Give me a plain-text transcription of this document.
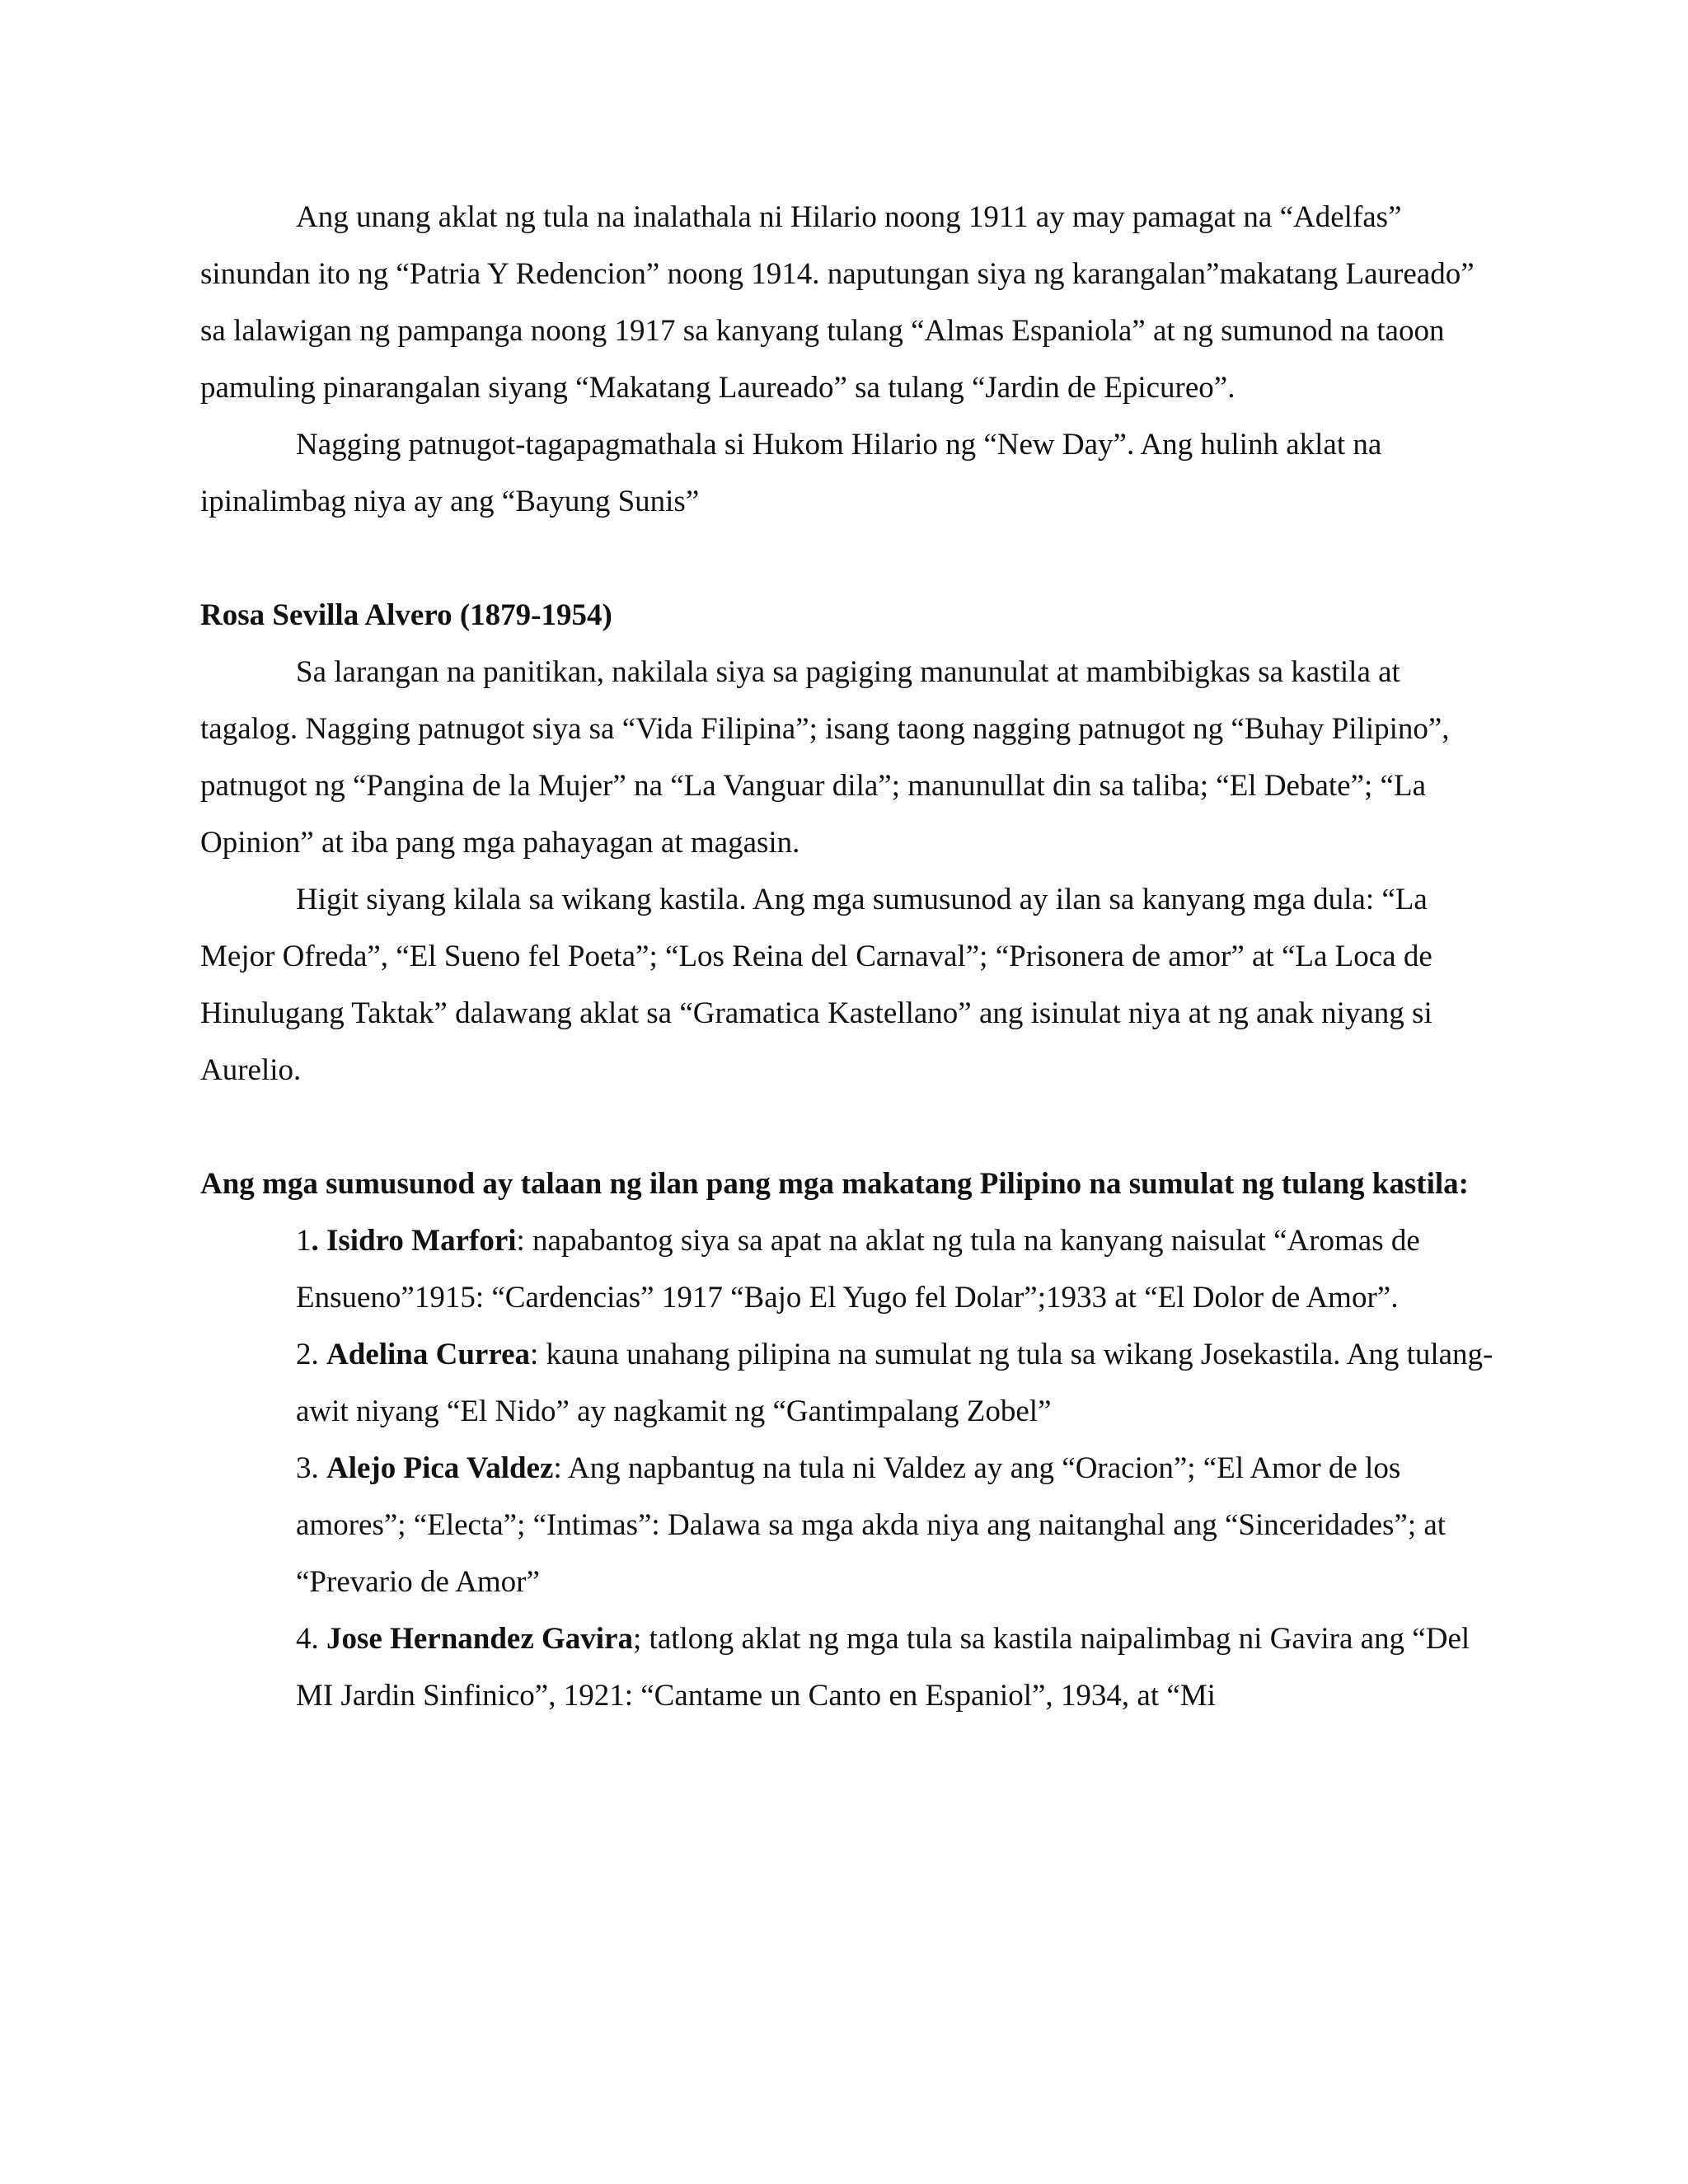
Ang unang aklat ng tula na inalathala ni Hilario noong 1911 ay may pamagat na “Adelfas” sinundan ito ng “Patria Y Redencion” noong 1914. naputungan siya ng karangalan”makatang Laureado” sa lalawigan ng pampanga noong 1917 sa kanyang tulang “Almas Espaniola” at ng sumunod na taoon pamuling pinarangalan siyang “Makatang Laureado” sa tulang “Jardin de Epicureo”.

Nagging patnugot-tagapagmathala si Hukom Hilario ng “New Day”. Ang hulinh aklat na ipinalimbag niya ay ang “Bayung Sunis”

Rosa Sevilla Alvero (1879-1954)

Sa larangan na panitikan, nakilala siya sa pagiging manunulat at mambibigkas sa kastila at tagalog. Nagging patnugot siya sa “Vida Filipina”; isang taong nagging patnugot ng “Buhay Pilipino”, patnugot ng “Pangina de la Mujer” na “La Vanguar dila”; manunullat din sa taliba; “El Debate”; “La Opinion” at iba pang mga pahayagan at magasin.

Higit siyang kilala sa wikang kastila. Ang mga sumusunod ay ilan sa kanyang mga dula: “La Mejor Ofreda”, “El Sueno fel Poeta”; “Los Reina del Carnaval”; “Prisonera de amor” at “La Loca de Hinulugang Taktak” dalawang aklat sa “Gramatica Kastellano” ang isinulat niya at ng anak niyang si Aurelio.

Ang mga sumusunod ay talaan ng ilan pang mga makatang Pilipino na sumulat ng tulang kastila:

1. Isidro Marfori: napabantog siya sa apat na aklat ng tula na kanyang naisulat “Aromas de Ensueno”1915: “Cardencias” 1917 “Bajo El Yugo fel Dolar”;1933 at “El Dolor de Amor”.

2. Adelina Currea: kauna unahang pilipina na sumulat ng tula sa wikang Josekastila. Ang tulang-awit niyang “El Nido” ay nagkamit ng “Gantimpalang Zobel”

3. Alejo Pica Valdez: Ang napbantug na tula ni Valdez ay ang “Oracion”; “El Amor de los amores”; “Electa”; “Intimas”: Dalawa sa mga akda niya ang naitanghal ang “Sinceridades”; at “Prevario de Amor”

4. Jose Hernandez Gavira; tatlong aklat ng mga tula sa kastila naipalimbag ni Gavira ang “Del MI Jardin Sinfinico”, 1921: “Cantame un Canto en Espaniol”, 1934, at “Mi
